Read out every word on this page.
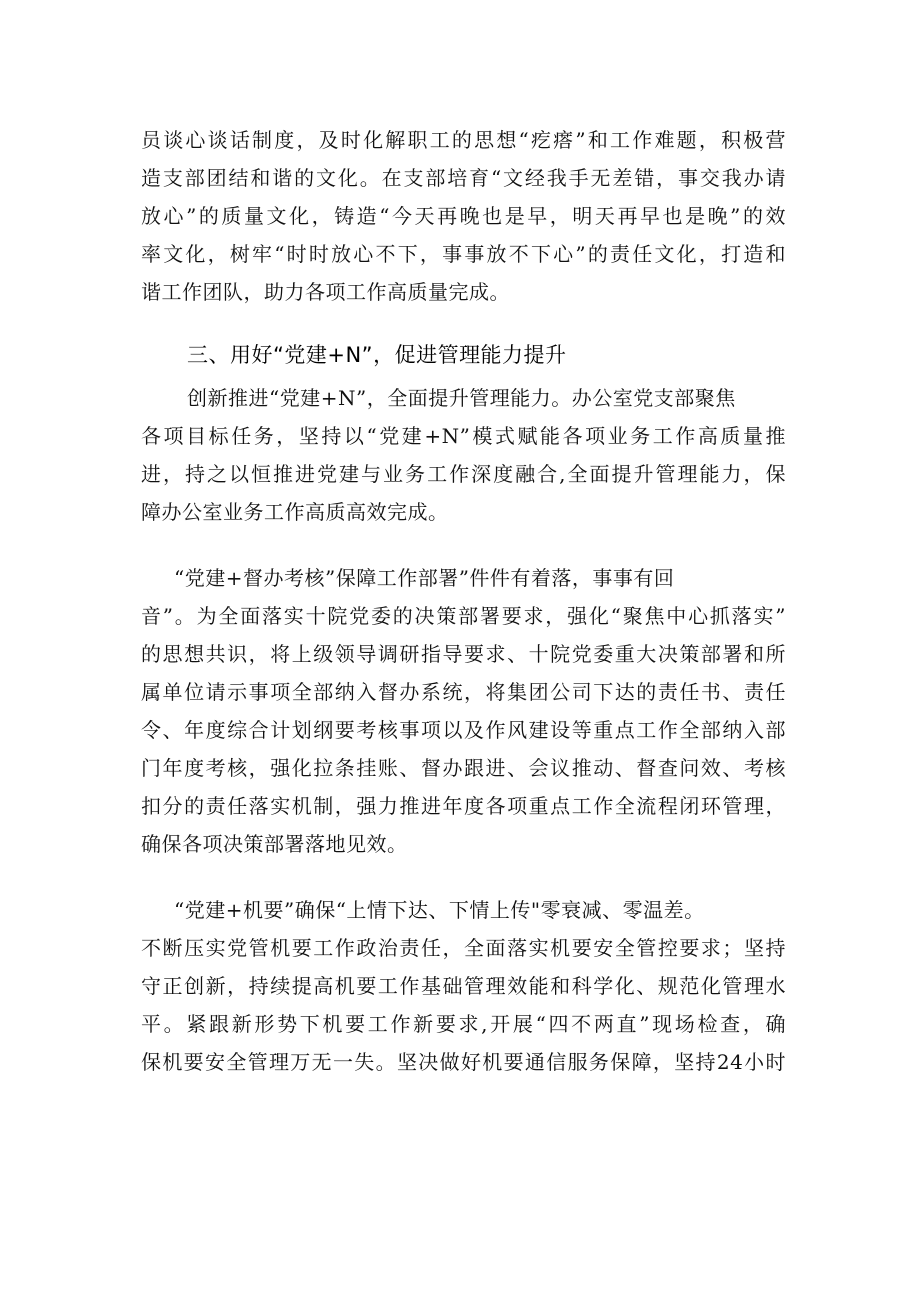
员谈心谈话制度，及时化解职工的思想“疙瘩”和工作难题，积极营
造支部团结和谐的文化。在支部培育“文经我手无差错，事交我办请
放心”的质量文化，铸造“今天再晚也是早，明天再早也是晚”的效
率文化，树牢“时时放心不下，事事放不下心”的责任文化，打造和
谐工作团队，助力各项工作高质量完成。
三、用好“党建+N”，促进管理能力提升
创新推进“党建+N”，全面提升管理能力。办公室党支部聚焦
各项目标任务，坚持以“党建+N”模式赋能各项业务工作高质量推
进，持之以恒推进党建与业务工作深度融合,全面提升管理能力，保
障办公室业务工作高质高效完成。
“党建+督办考核”保障工作部署”件件有着落，事事有回
音”。为全面落实十院党委的决策部署要求，强化“聚焦中心抓落实”
的思想共识，将上级领导调研指导要求、十院党委重大决策部署和所
属单位请示事项全部纳入督办系统，将集团公司下达的责任书、责任
令、年度综合计划纲要考核事项以及作风建设等重点工作全部纳入部
门年度考核，强化拉条挂账、督办跟进、会议推动、督查问效、考核
扣分的责任落实机制，强力推进年度各项重点工作全流程闭环管理，
确保各项决策部署落地见效。
“党建+机要”确保“上情下达、下情上传"零衰减、零温差。
不断压实党管机要工作政治责任，全面落实机要安全管控要求；坚持
守正创新，持续提高机要工作基础管理效能和科学化、规范化管理水
平。紧跟新形势下机要工作新要求,开展“四不两直”现场检查，确
保机要安全管理万无一失。坚决做好机要通信服务保障，坚持24小时
